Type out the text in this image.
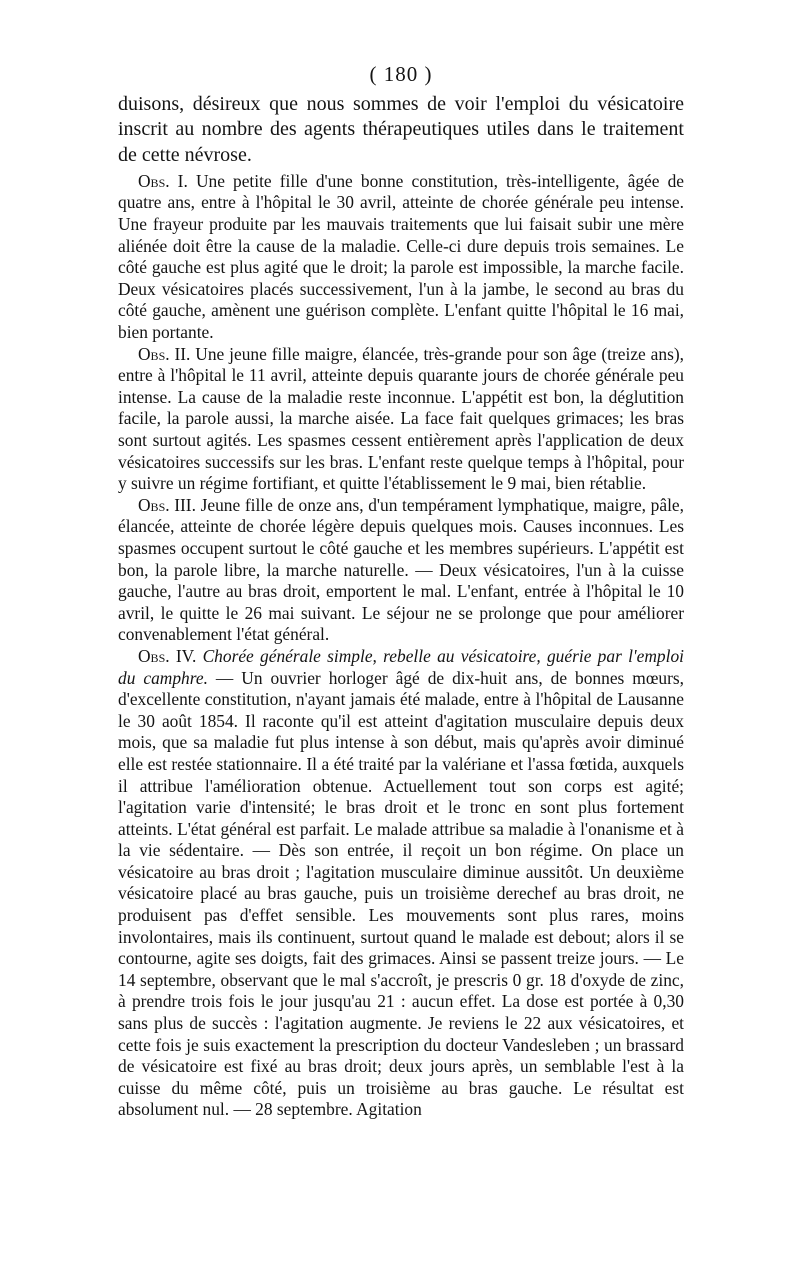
( 180 )

duisons, désireux que nous sommes de voir l'emploi du vésicatoire inscrit au nombre des agents thérapeutiques utiles dans le traitement de cette névrose.

Obs. I. Une petite fille d'une bonne constitution, très-intelligente, âgée de quatre ans, entre à l'hôpital le 30 avril, atteinte de chorée générale peu intense. Une frayeur produite par les mauvais traitements que lui faisait subir une mère aliénée doit être la cause de la maladie. Celle-ci dure depuis trois semaines. Le côté gauche est plus agité que le droit; la parole est impossible, la marche facile. Deux vésicatoires placés successivement, l'un à la jambe, le second au bras du côté gauche, amènent une guérison complète. L'enfant quitte l'hôpital le 16 mai, bien portante.

Obs. II. Une jeune fille maigre, élancée, très-grande pour son âge (treize ans), entre à l'hôpital le 11 avril, atteinte depuis quarante jours de chorée générale peu intense. La cause de la maladie reste inconnue. L'appétit est bon, la déglutition facile, la parole aussi, la marche aisée. La face fait quelques grimaces; les bras sont surtout agités. Les spasmes cessent entièrement après l'application de deux vésicatoires successifs sur les bras. L'enfant reste quelque temps à l'hôpital, pour y suivre un régime fortifiant, et quitte l'établissement le 9 mai, bien rétablie.

Obs. III. Jeune fille de onze ans, d'un tempérament lymphatique, maigre, pâle, élancée, atteinte de chorée légère depuis quelques mois. Causes inconnues. Les spasmes occupent surtout le côté gauche et les membres supérieurs. L'appétit est bon, la parole libre, la marche naturelle. — Deux vésicatoires, l'un à la cuisse gauche, l'autre au bras droit, emportent le mal. L'enfant, entrée à l'hôpital le 10 avril, le quitte le 26 mai suivant. Le séjour ne se prolonge que pour améliorer convenablement l'état général.

Obs. IV. Chorée générale simple, rebelle au vésicatoire, guérie par l'emploi du camphre. — Un ouvrier horloger âgé de dix-huit ans, de bonnes mœurs, d'excellente constitution, n'ayant jamais été malade, entre à l'hôpital de Lausanne le 30 août 1854. Il raconte qu'il est atteint d'agitation musculaire depuis deux mois, que sa maladie fut plus intense à son début, mais qu'après avoir diminué elle est restée stationnaire. Il a été traité par la valériane et l'assa fœtida, auxquels il attribue l'amélioration obtenue. Actuellement tout son corps est agité; l'agitation varie d'intensité; le bras droit et le tronc en sont plus fortement atteints. L'état général est parfait. Le malade attribue sa maladie à l'onanisme et à la vie sédentaire. — Dès son entrée, il reçoit un bon régime. On place un vésicatoire au bras droit ; l'agitation musculaire diminue aussitôt. Un deuxième vésicatoire placé au bras gauche, puis un troisième derechef au bras droit, ne produisent pas d'effet sensible. Les mouvements sont plus rares, moins involontaires, mais ils continuent, surtout quand le malade est debout; alors il se contourne, agite ses doigts, fait des grimaces. Ainsi se passent treize jours. — Le 14 septembre, observant que le mal s'accroît, je prescris 0 gr. 18 d'oxyde de zinc, à prendre trois fois le jour jusqu'au 21 : aucun effet. La dose est portée à 0,30 sans plus de succès : l'agitation augmente. Je reviens le 22 aux vésicatoires, et cette fois je suis exactement la prescription du docteur Vandesleben ; un brassard de vésicatoire est fixé au bras droit; deux jours après, un semblable l'est à la cuisse du même côté, puis un troisième au bras gauche. Le résultat est absolument nul. — 28 septembre. Agitation
